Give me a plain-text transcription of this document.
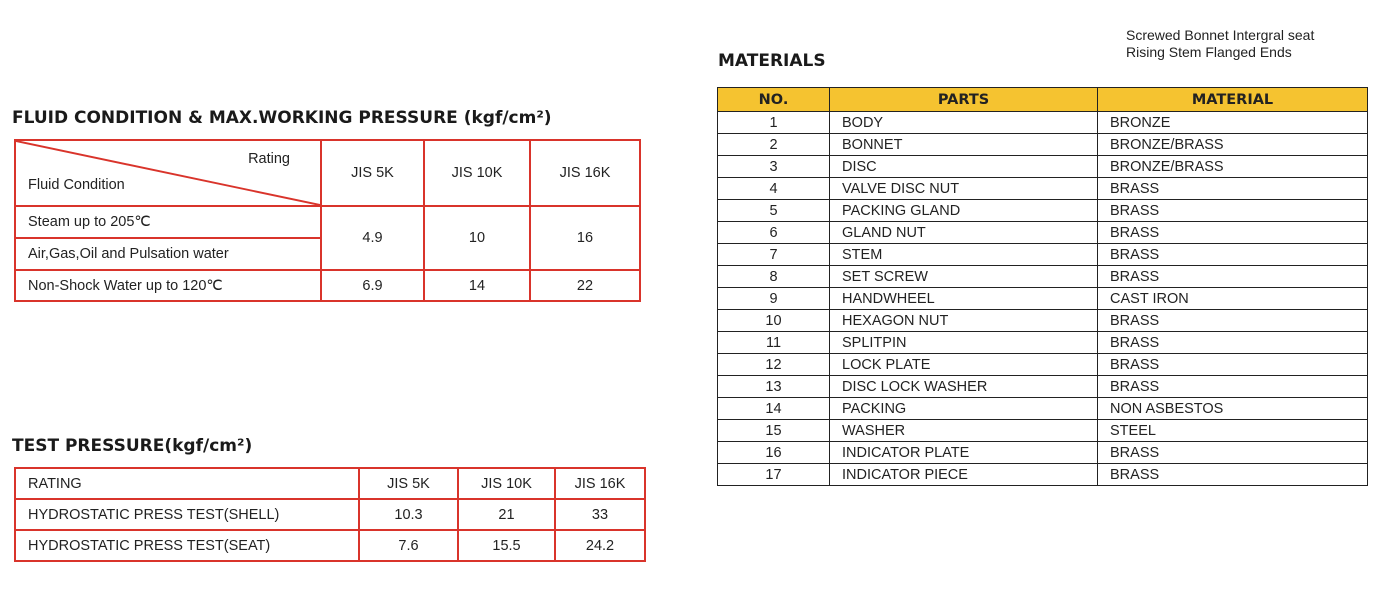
FLUID CONDITION & MAX.WORKING PRESSURE (kgf/cm²)
Rating
Fluid Condition	JIS 5K	JIS 10K	JIS 16K
Steam up to 205℃	4.9	10	16
Air,Gas,Oil and Pulsation water			
Non-Shock Water up to 120℃	6.9	14	22
TEST PRESSURE(kgf/cm²)
RATING	JIS 5K	JIS 10K	JIS 16K
HYDROSTATIC PRESS TEST(SHELL)	10.3	21	33
HYDROSTATIC PRESS TEST(SEAT)	7.6	15.5	24.2
Screwed Bonnet Intergral seat
Rising Stem Flanged Ends
MATERIALS
NO.	PARTS	MATERIAL
1	BODY	BRONZE
2	BONNET	BRONZE/BRASS
3	DISC	BRONZE/BRASS
4	VALVE DISC NUT	BRASS
5	PACKING GLAND	BRASS
6	GLAND NUT	BRASS
7	STEM	BRASS
8	SET SCREW	BRASS
9	HANDWHEEL	CAST IRON
10	HEXAGON NUT	BRASS
11	SPLITPIN	BRASS
12	LOCK PLATE	BRASS
13	DISC LOCK WASHER	BRASS
14	PACKING	NON ASBESTOS
15	WASHER	STEEL
16	INDICATOR PLATE	BRASS
17	INDICATOR PIECE	BRASS
